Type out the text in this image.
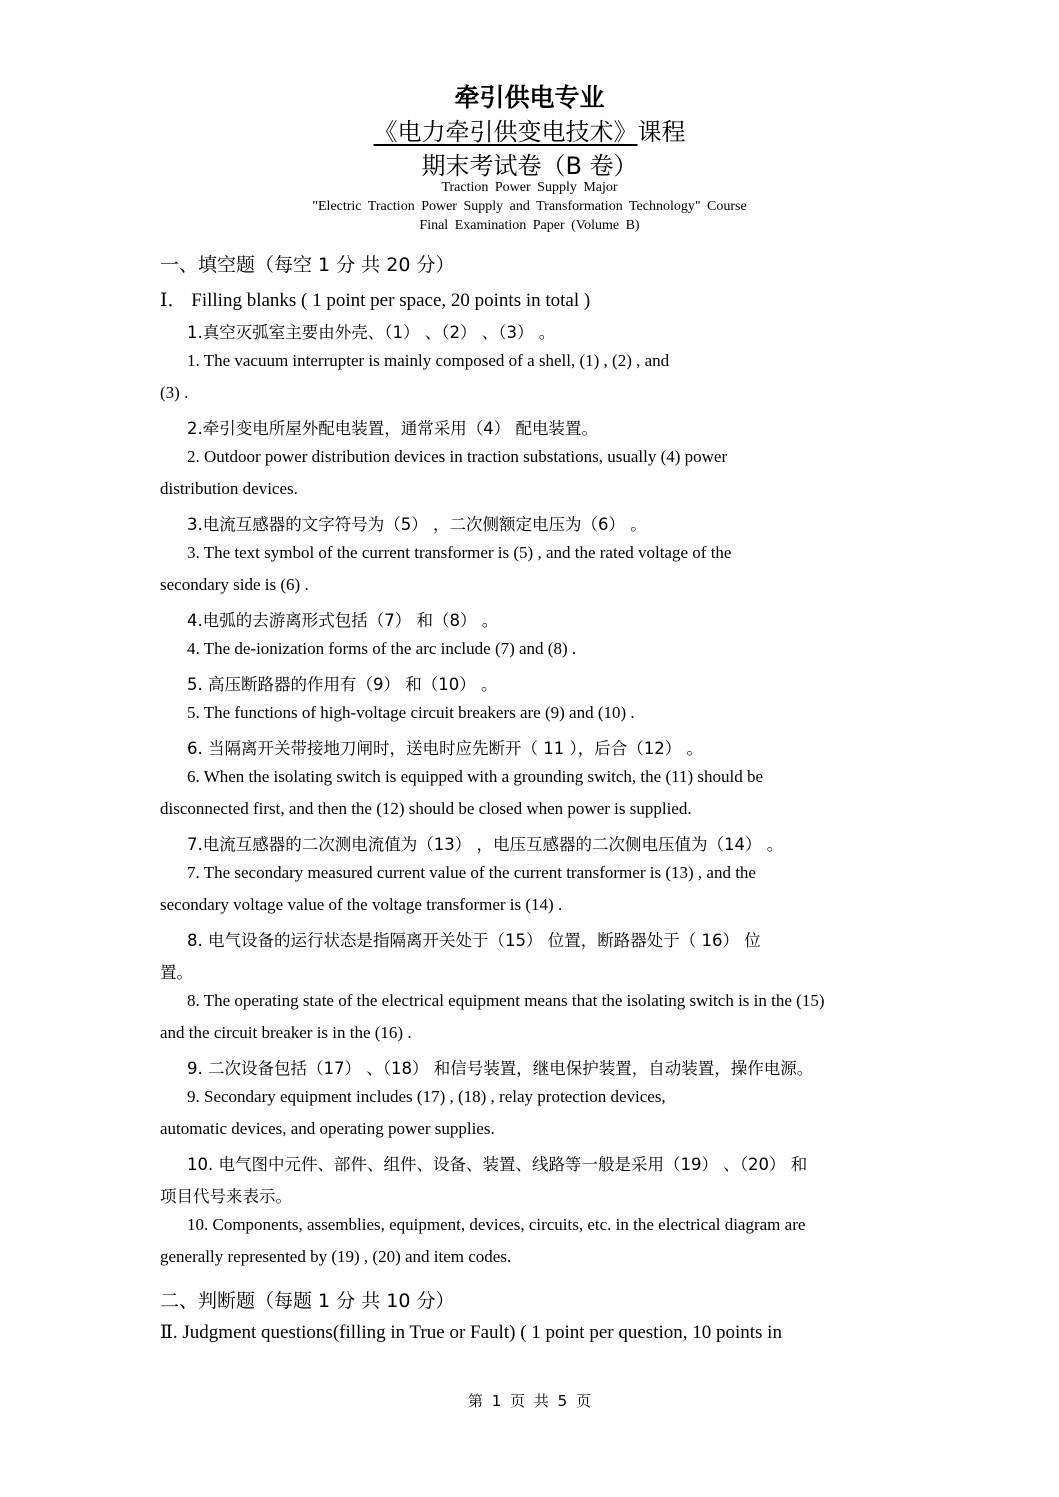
牵引供电专业
《电力牵引供变电技术》课程
期末考试卷（B 卷）
Traction Power Supply Major
"Electric Traction Power Supply and Transformation Technology" Course
Final Examination Paper (Volume B)
一、填空题（每空 1 分 共 20 分）
Ⅰ． Filling blanks ( 1 point per space, 20 points in total )
1.真空灭弧室主要由外壳、（1） 、（2） 、（3） 。
1. The vacuum interrupter is mainly composed of a shell, (1) , (2) , and
(3) .
2.牵引变电所屋外配电装置，通常采用（4） 配电装置。
2. Outdoor power distribution devices in traction substations, usually (4) power
distribution devices.
3.电流互感器的文字符号为（5） ，二次侧额定电压为（6） 。
3. The text symbol of the current transformer is (5) , and the rated voltage of the
secondary side is (6) .
4.电弧的去游离形式包括（7） 和（8） 。
4. The de-ionization forms of the arc include (7) and (8) .
5. 高压断路器的作用有（9） 和（10） 。
5. The functions of high-voltage circuit breakers are (9) and (10) .
6. 当隔离开关带接地刀闸时，送电时应先断开（ 11 ），后合（12） 。
6. When the isolating switch is equipped with a grounding switch, the (11) should be
disconnected first, and then the (12) should be closed when power is supplied.
7.电流互感器的二次测电流值为（13） ，电压互感器的二次侧电压值为（14） 。
7. The secondary measured current value of the current transformer is (13) , and the
secondary voltage value of the voltage transformer is (14) .
8. 电气设备的运行状态是指隔离开关处于（15） 位置，断路器处于（ 16） 位
置。
8. The operating state of the electrical equipment means that the isolating switch is in the (15)
and the circuit breaker is in the (16) .
9. 二次设备包括（17） 、（18） 和信号装置，继电保护装置，自动装置，操作电源。
9. Secondary equipment includes (17) , (18) , relay protection devices,
automatic devices, and operating power supplies.
10. 电气图中元件、部件、组件、设备、装置、线路等一般是采用（19） 、（20） 和
项目代号来表示。
10. Components, assemblies, equipment, devices, circuits, etc. in the electrical diagram are
generally represented by (19) , (20) and item codes.
二、判断题（每题 1 分 共 10 分）
Ⅱ. Judgment questions(filling in True or Fault) ( 1 point per question, 10 points in
第 1 页 共 5 页
